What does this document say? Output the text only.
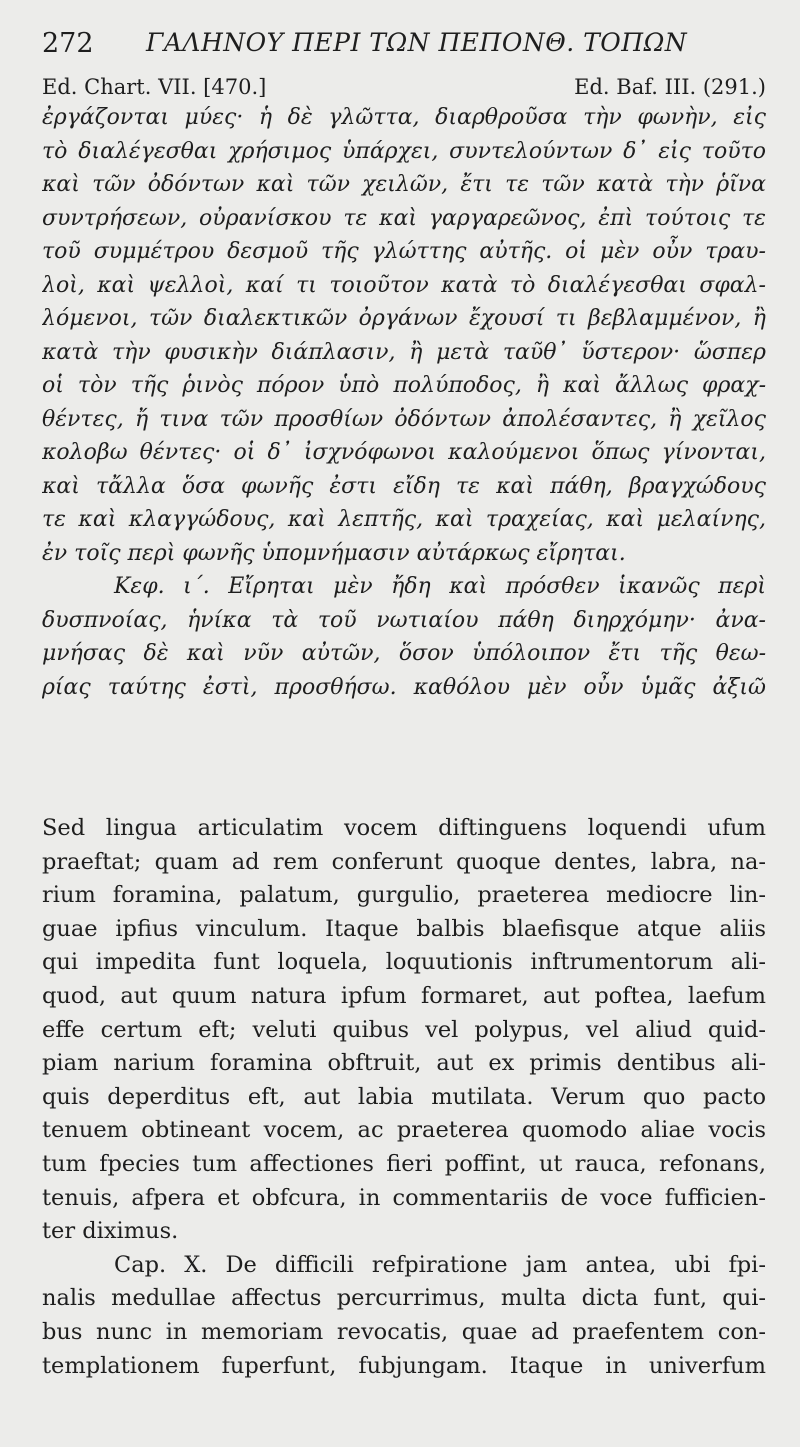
272 ΓΑΛΗΝΟΥ ΠΕΡΙ ΤΩΝ ΠΕΠΟΝΘ. ΤΟΠΩΝ
Ed. Chart. VII. [470.]	Ed. Baf. III. (291.)
ἐργάζονται μύες· ἡ δὲ γλῶττα, διαρθροῦσα τὴν φωνὴν, εἰς
τὸ διαλέγεσθαι χρήσιμος ὑπάρχει, συντελούντων δ᾽ εἰς τοῦτο
καὶ τῶν ὀδόντων καὶ τῶν χειλῶν, ἔτι τε τῶν κατὰ τὴν ῥῖνα
συντρήσεων, οὐρανίσκου τε καὶ γαργαρεῶνος, ἐπὶ τούτοις τε
τοῦ συμμέτρου δεσμοῦ τῆς γλώττης αὐτῆς. οἱ μὲν οὖν τραυ-
λοὶ, καὶ ψελλοὶ, καί τι τοιοῦτον κατὰ τὸ διαλέγεσθαι σφαλ-
λόμενοι, τῶν διαλεκτικῶν ὀργάνων ἔχουσί τι βεβλαμμένον, ἢ
κατὰ τὴν φυσικὴν διάπλασιν, ἢ μετὰ ταῦθ᾽ ὕστερον· ὥσπερ
οἱ τὸν τῆς ῥινὸς πόρον ὑπὸ πολύποδος, ἢ καὶ ἄλλως φραχ-
θέντες, ἤ τινα τῶν προσθίων ὀδόντων ἀπολέσαντες, ἢ χεῖλος
κολοβω θέντες· οἱ δ᾽ ἰσχνόφωνοι καλούμενοι ὅπως γίνονται,
καὶ τἄλλα ὅσα φωνῆς ἐστι εἴδη τε καὶ πάθη, βραγχώδους
τε καὶ κλαγγώδους, καὶ λεπτῆς, καὶ τραχείας, καὶ μελαίνης,
ἐν τοῖς περὶ φωνῆς ὑπομνήμασιν αὐτάρκως εἴρηται.
Κεφ. ι΄. Εἴρηται μὲν ἤδη καὶ πρόσθεν ἱκανῶς περὶ
δυσπνοίας, ἡνίκα τὰ τοῦ νωτιαίου πάθη διηρχόμην· ἀνα-
μνήσας δὲ καὶ νῦν αὐτῶν, ὅσον ὑπόλοιπον ἔτι τῆς θεω-
ρίας ταύτης ἐστὶ, προσθήσω. καθόλου μὲν οὖν ὑμᾶς ἀξιῶ
Sed lingua articulatim vocem diftinguens loquendi ufum
praeftat; quam ad rem conferunt quoque dentes, labra, na-
rium foramina, palatum, gurgulio, praeterea mediocre lin-
guae ipfius vinculum. Itaque balbis blaefisque atque aliis
qui impedita funt loquela, loquutionis inftrumentorum ali-
quod, aut quum natura ipfum formaret, aut poftea, laefum
effe certum eft; veluti quibus vel polypus, vel aliud quid-
piam narium foramina obftruit, aut ex primis dentibus ali-
quis deperditus eft, aut labia mutilata. Verum quo pacto
tenuem obtineant vocem, ac praeterea quomodo aliae vocis
tum fpecies tum affectiones fieri poffint, ut rauca, refonans,
tenuis, afpera et obfcura, in commentariis de voce fufficien-
ter diximus.
Cap. X. De difficili refpiratione jam antea, ubi fpi-
nalis medullae affectus percurrimus, multa dicta funt, qui-
bus nunc in memoriam revocatis, quae ad praefentem con-
templationem fuperfunt, fubjungam. Itaque in univerfum
